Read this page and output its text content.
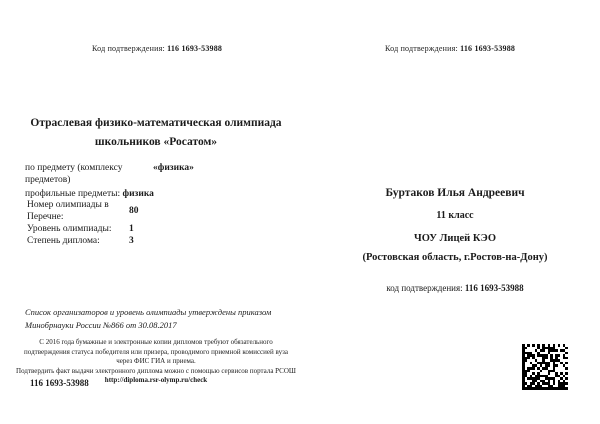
Код подтверждения: 116 1693-53988
Отраслевая физико-математическая олимпиада
школьников «Росатом»
по предмету (комплексу предметов)
«физика»
профильные предметы: физика
Номер олимпиады в Перечне:
80
Уровень олимпиады:	1
Степень диплома:	3
Список организаторов и уровень олимпиады утверждены приказом Минобрнауки России №866 от 30.08.2017
С 2016 года бумажные и электронные копии дипломов требуют обязательного подтверждения статуса победителя или призера, проводимого приемной комиссией вуза через ФИС ГИА и приема.
Подтвердить факт выдачи электронного диплома можно с помощью сервисов портала РСОШ http://diploma.rsr-olymp.ru/check
116 1693-53988
Код подтверждения: 116 1693-53988
Буртаков Илья Андреевич
11 класс
ЧОУ Лицей КЭО
(Ростовская область, г.Ростов-на-Дону)
код подтверждения: 116 1693-53988
